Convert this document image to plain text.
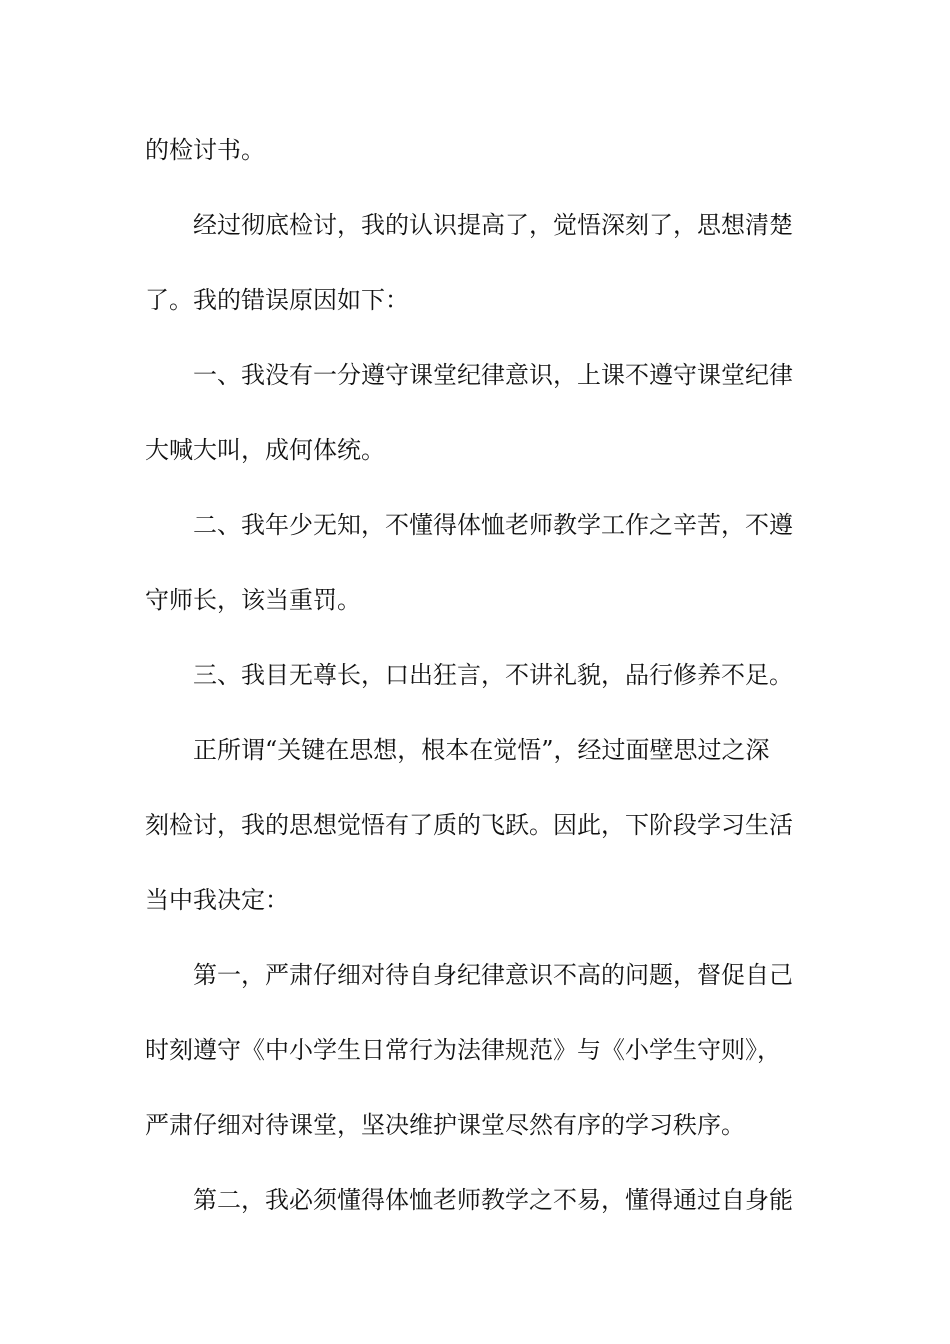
的检讨书。
经过彻底检讨，我的认识提高了，觉悟深刻了，思想清楚
了。我的错误原因如下：
一、我没有一分遵守课堂纪律意识，上课不遵守课堂纪律
大喊大叫，成何体统。
二、我年少无知，不懂得体恤老师教学工作之辛苦，不遵
守师长，该当重罚。
三、我目无尊长，口出狂言，不讲礼貌，品行修养不足。
正所谓“关键在思想，根本在觉悟”，经过面壁思过之深
刻检讨，我的思想觉悟有了质的飞跃。因此，下阶段学习生活
当中我决定：
第一，严肃仔细对待自身纪律意识不高的问题，督促自己
时刻遵守《中小学生日常行为法律规范》与《小学生守则》，
严肃仔细对待课堂，坚决维护课堂尽然有序的学习秩序。
第二，我必须懂得体恤老师教学之不易，懂得通过自身能
